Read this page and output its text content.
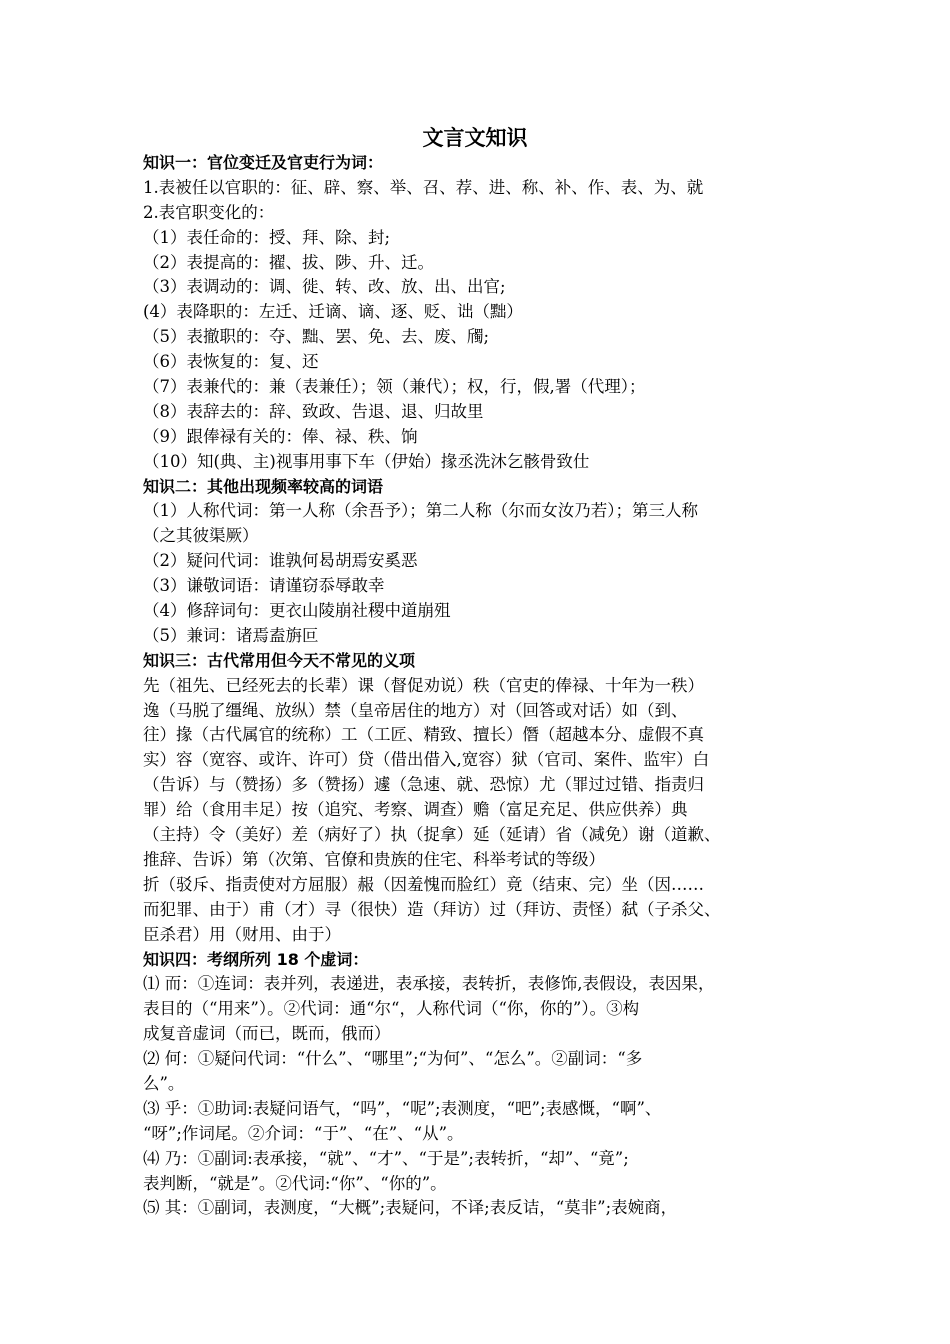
文言文知识
知识一：官位变迁及官吏行为词：
1.表被任以官职的：征、辟、察、举、召、荐、进、称、补、作、表、为、就
2.表官职变化的：
（1）表任命的：授、拜、除、封;
（2）表提高的：擢、拔、陟、升、迁。
（3）表调动的：调、徙、转、改、放、出、出官;
(4）表降职的：左迁、迁谪、谪、逐、贬、诎（黜）
（5）表撤职的：夺、黜、罢、免、去、废、斶;
（6）表恢复的：复、还
（7）表兼代的：兼（表兼任）；领（兼代）；权，行，假,署（代理）；
（8）表辞去的：辞、致政、告退、退、归故里
（9）跟俸禄有关的：俸、禄、秩、饷
（10）知(典、主)视事用事下车（伊始）掾丞洗沐乞骸骨致仕
知识二：其他出现频率较高的词语
（1）人称代词：第一人称（余吾予）；第二人称（尔而女汝乃若）；第三人称
（之其彼渠厥）
（2）疑问代词：谁孰何曷胡焉安奚恶
（3）谦敬词语：请谨窃忝辱敢幸
（4）修辞词句：更衣山陵崩社稷中道崩殂
（5）兼词：诸焉盍旃叵
知识三：古代常用但今天不常见的义项
先（祖先、已经死去的长辈）课（督促劝说）秩（官吏的俸禄、十年为一秩）
逸（马脱了缰绳、放纵）禁（皇帝居住的地方）对（回答或对话）如（到、
往）掾（古代属官的统称）工（工匠、精致、擅长）僭（超越本分、虚假不真
实）容（宽容、或许、许可）贷（借出借入,宽容）狱（官司、案件、监牢）白
（告诉）与（赞扬）多（赞扬）遽（急速、就、恐惊）尤（罪过过错、指责归
罪）给（食用丰足）按（追究、考察、调查）赡（富足充足、供应供养）典
（主持）令（美好）差（病好了）执（捉拿）延（延请）省（减免）谢（道歉、
推辞、告诉）第（次第、官僚和贵族的住宅、科举考试的等级）
折（驳斥、指责使对方屈服）赧（因羞愧而脸红）竟（结束、完）坐（因……
而犯罪、由于）甫（才）寻（很快）造（拜访）过（拜访、责怪）弑（子杀父、
臣杀君）用（财用、由于）
知识四：考纲所列 18 个虚词：
⑴ 而：①连词：表并列，表递进，表承接，表转折，表修饰,表假设，表因果，
表目的（“用来”）。②代词：通“尔“，人称代词（“你，你的”）。③构
成复音虚词（而已，既而，俄而）
⑵ 何：①疑问代词：“什么”、“哪里”;“为何”、“怎么”。②副词：“多
么”。
⑶ 乎：①助词:表疑问语气，“吗”，“呢”;表测度，“吧”;表感慨，“啊”、
“呀”;作词尾。②介词：“于”、“在”、“从”。
⑷ 乃：①副词:表承接，“就”、“才”、“于是”;表转折，“却”、“竟”;
表判断，“就是”。②代词:“你”、“你的”。
⑸ 其：①副词，表测度，“大概”;表疑问，不译;表反诘，“莫非”;表婉商，
